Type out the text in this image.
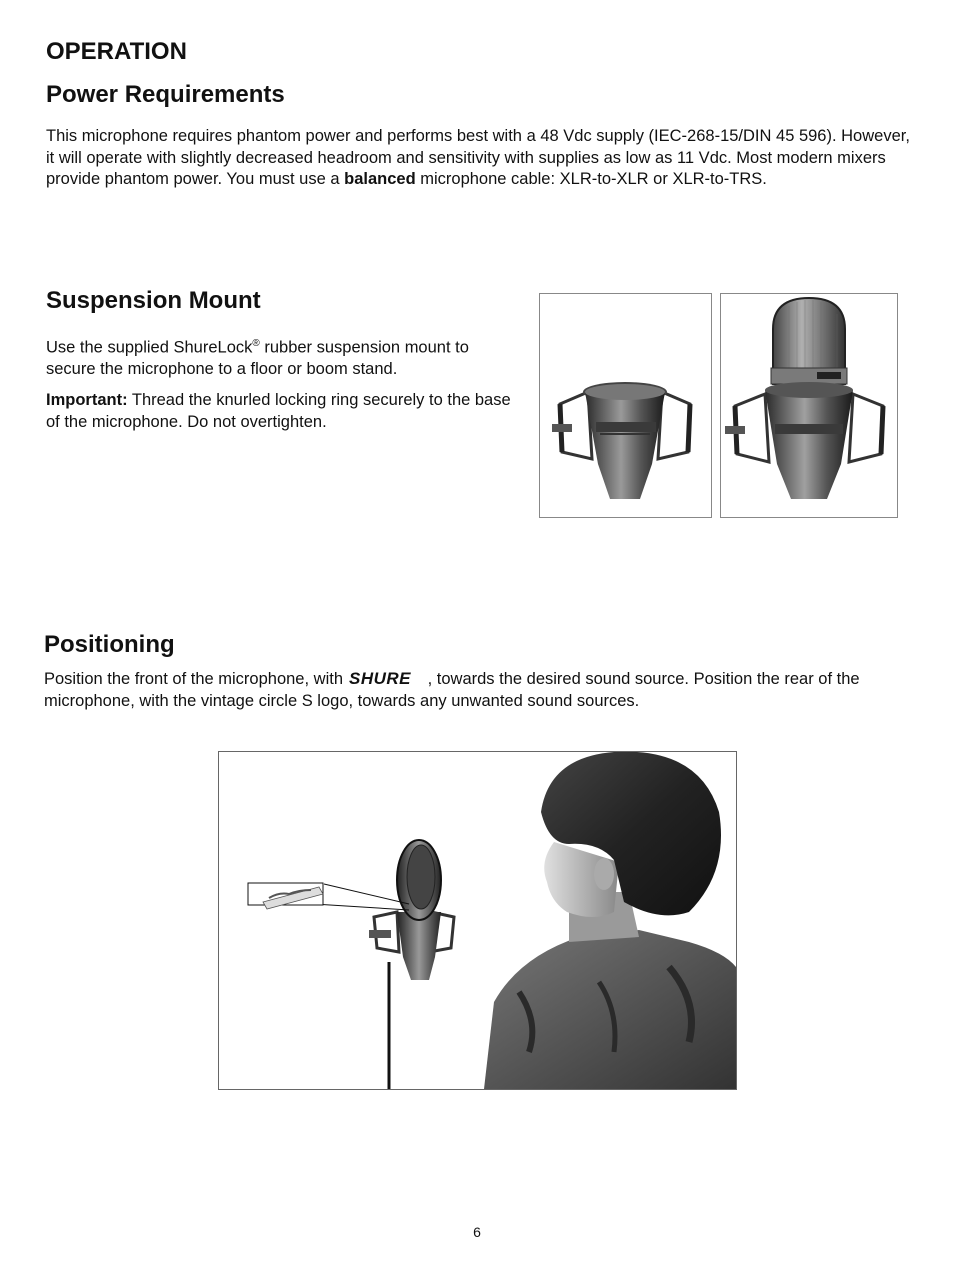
OPERATION
Power Requirements

This microphone requires phantom power and performs best with a 48 Vdc supply (IEC-268-15/DIN 45 596). However, it will operate with slightly decreased headroom and sensitivity with supplies as low as 11 Vdc. Most modern mixers provide phantom power. You must use a balanced microphone cable: XLR-to-XLR or XLR-to-TRS.

Suspension Mount

Use the supplied ShureLock® rubber suspension mount to secure the microphone to a floor or boom stand.

Important: Thread the knurled locking ring securely to the base of the microphone. Do not overtighten.

Positioning

Position the front of the microphone, with SHURE , towards the desired sound source. Position the rear of the microphone, with the vintage circle S logo, towards any unwanted sound sources.

6
